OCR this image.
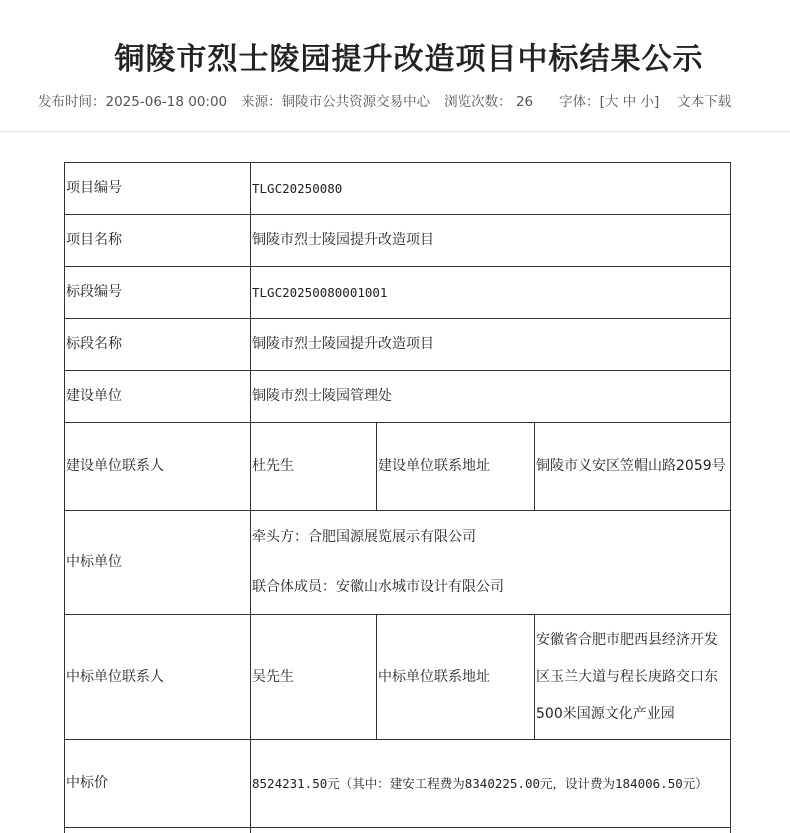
铜陵市烈士陵园提升改造项目中标结果公示
发布时间：2025-06-18 00:00 来源：铜陵市公共资源交易中心 浏览次数： 26 字体：[大 中 小] 文本下载
项目编号	TLGC20250080		
项目名称	铜陵市烈士陵园提升改造项目		
标段编号	TLGC20250080001001		
标段名称	铜陵市烈士陵园提升改造项目		
建设单位	铜陵市烈士陵园管理处		
建设单位联系人	杜先生	建设单位联系地址	铜陵市义安区笠帽山路2059号
中标单位	牵头方：合肥国源展览展示有限公司
联合体成员：安徽山水城市设计有限公司		

中标单位联系人	吴先生	中标单位联系地址	安徽省合肥市肥西县经济开发区玉兰大道与程长庚路交口东500米国源文化产业园
中标价	8524231.50元（其中：建安工程费为8340225.00元，设计费为184006.50元）		
